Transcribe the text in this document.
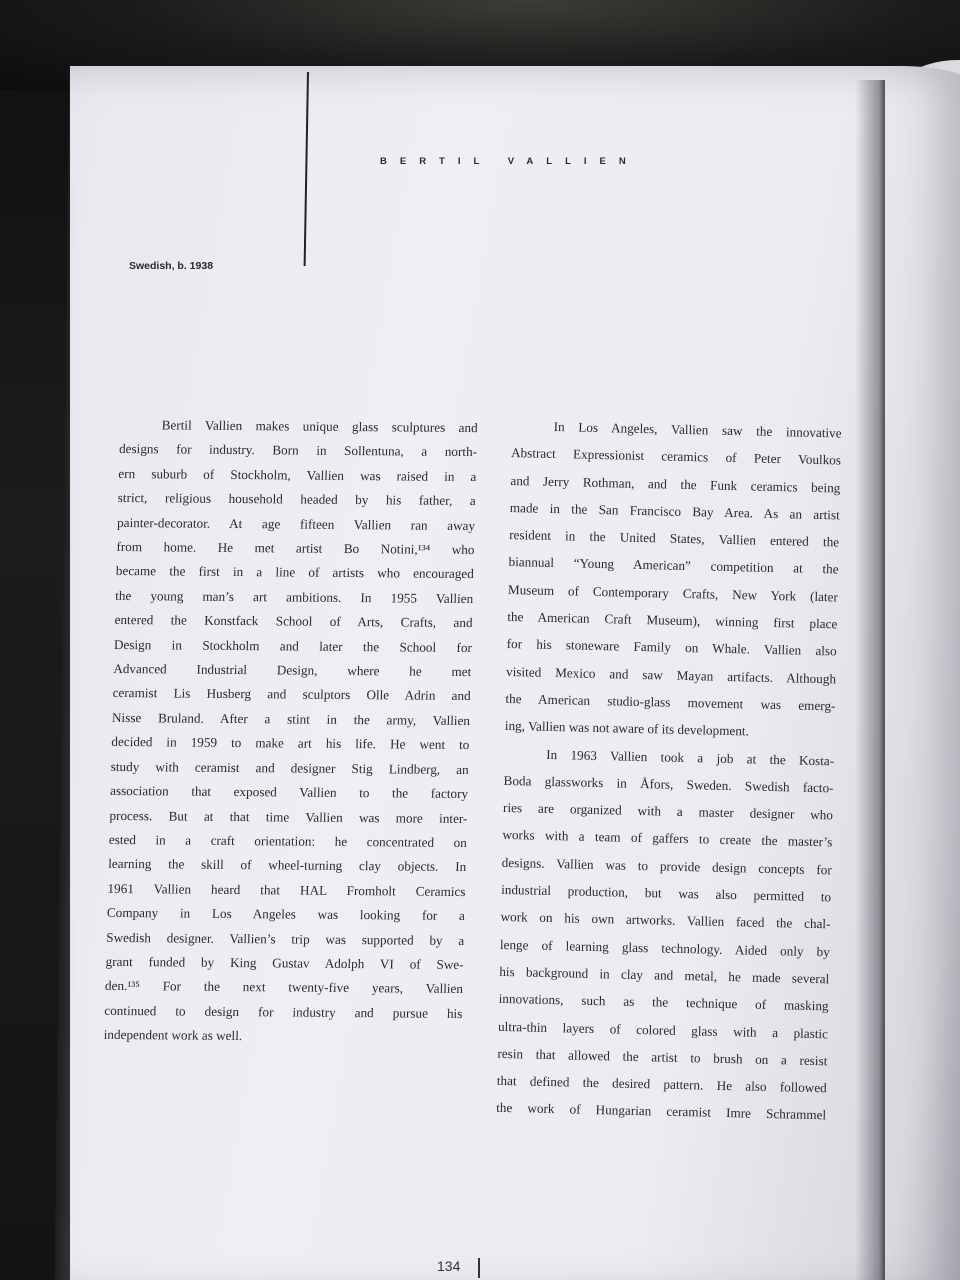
BERTIL VALLIEN
Swedish, b. 1938
Bertil Vallien makes unique glass sculptures and
designs for industry. Born in Sollentuna, a north-
ern suburb of Stockholm, Vallien was raised in a
strict, religious household headed by his father, a
painter-decorator. At age fifteen Vallien ran away
from home. He met artist Bo Notini,¹³⁴ who
became the first in a line of artists who encouraged
the young man’s art ambitions. In 1955 Vallien
entered the Konstfack School of Arts, Crafts, and
Design in Stockholm and later the School for
Advanced Industrial Design, where he met
ceramist Lis Husberg and sculptors Olle Adrin and
Nisse Bruland. After a stint in the army, Vallien
decided in 1959 to make art his life. He went to
study with ceramist and designer Stig Lindberg, an
association that exposed Vallien to the factory
process. But at that time Vallien was more inter-
ested in a craft orientation: he concentrated on
learning the skill of wheel-turning clay objects. In
1961 Vallien heard that HAL Fromholt Ceramics
Company in Los Angeles was looking for a
Swedish designer. Vallien’s trip was supported by a
grant funded by King Gustav Adolph VI of Swe-
den.¹³⁵ For the next twenty-five years, Vallien
continued to design for industry and pursue his
independent work as well.
In Los Angeles, Vallien saw the innovative
Abstract Expressionist ceramics of Peter Voulkos
and Jerry Rothman, and the Funk ceramics being
made in the San Francisco Bay Area. As an artist
resident in the United States, Vallien entered the
biannual “Young American” competition at the
Museum of Contemporary Crafts, New York (later
the American Craft Museum), winning first place
for his stoneware Family on Whale. Vallien also
visited Mexico and saw Mayan artifacts. Although
the American studio-glass movement was emerg-
ing, Vallien was not aware of its development.
In 1963 Vallien took a job at the Kosta-
Boda glassworks in Åfors, Sweden. Swedish facto-
ries are organized with a master designer who
works with a team of gaffers to create the master’s
designs. Vallien was to provide design concepts for
industrial production, but was also permitted to
work on his own artworks. Vallien faced the chal-
lenge of learning glass technology. Aided only by
his background in clay and metal, he made several
innovations, such as the technique of masking
ultra-thin layers of colored glass with a plastic
resin that allowed the artist to brush on a resist
that defined the desired pattern. He also followed
the work of Hungarian ceramist Imre Schrammel
134
